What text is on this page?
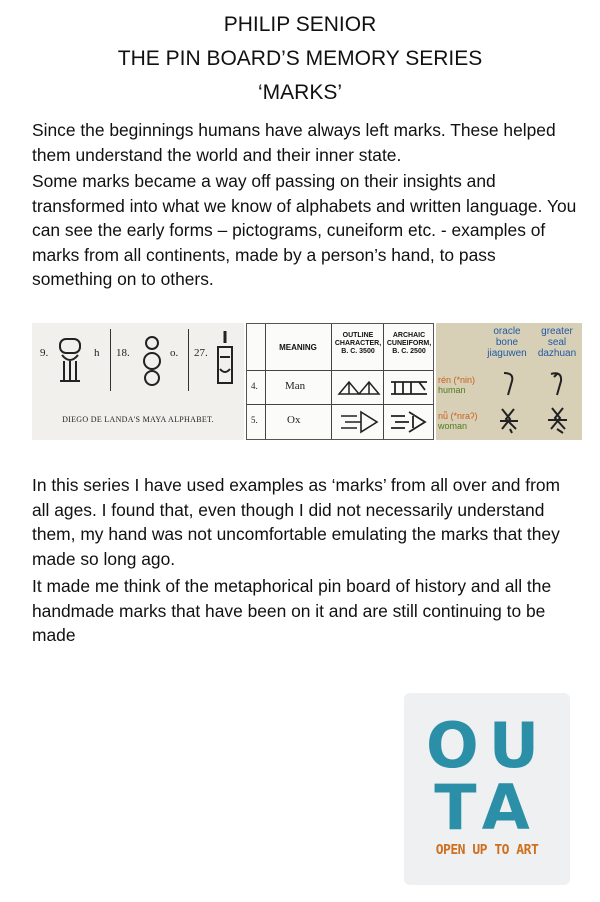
PHILIP SENIOR
THE PIN BOARD’S MEMORY SERIES
‘MARKS’

Since the beginnings humans have always left marks. These helped them understand the world and their inner state.

Some marks became a way off passing on their insights and transformed into what we know of alphabets and written language. You can see the early forms – pictograms, cuneiform etc. - examples of marks from all continents, made by a person’s hand, to pass something on to others.

9.	h 18.	o. 27.
DIEGO DE LANDA'S MAYA ALPHABET.
MEANING
OUTLINE CHARACTER, B. C. 3500
ARCHAIC CUNEIFORM, B. C. 2500
4. Man
5.	Ox
oracle bone jiaguwen
greater seal dazhuan
rén (*nin)
human
nǚ (*nraʔ)
woman

In this series I have used examples as ‘marks’ from all over and from all ages. I found that, even though I did not necessarily understand them, my hand was not uncomfortable emulating the marks that they made so long ago.

It made me think of the metaphorical pin board of history and all the handmade marks that have been on it and are still continuing to be made

OU
TA
OPEN UP TO ART
